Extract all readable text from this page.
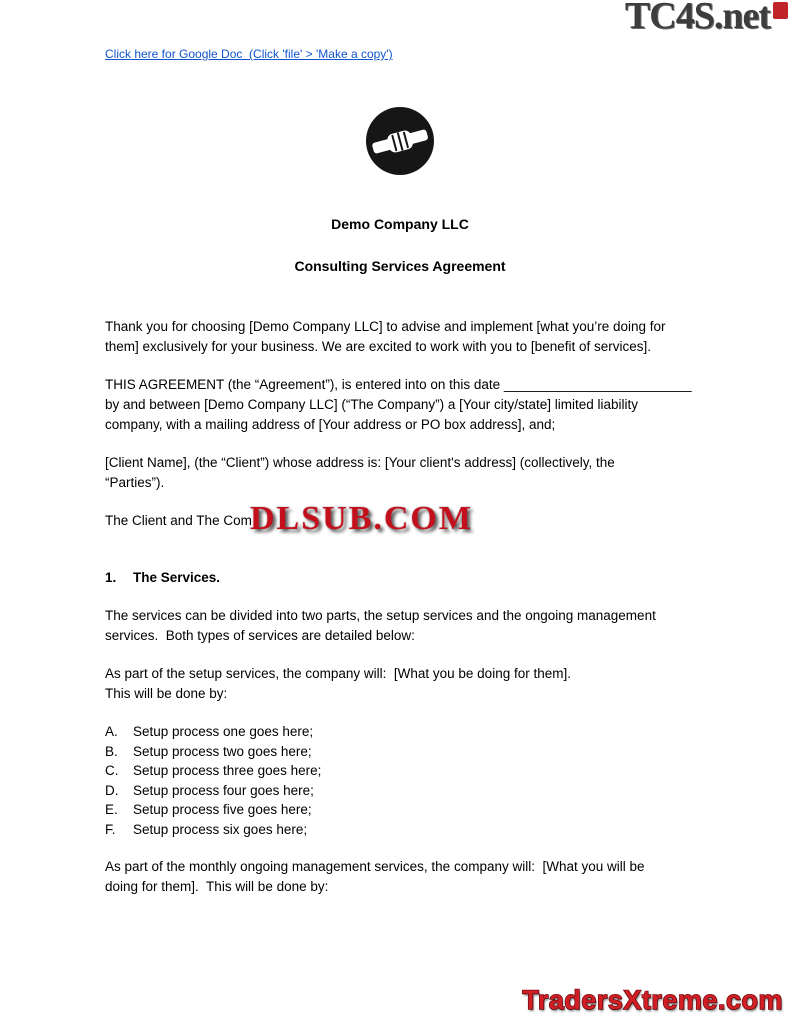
TC4S.net
Click here for Google Doc  (Click 'file' > 'Make a copy')
Demo Company LLC
Consulting Services Agreement

Thank you for choosing [Demo Company LLC] to advise and implement [what you’re doing for
them] exclusively for your business. We are excited to work with you to [benefit of services].

THIS AGREEMENT (the “Agreement”), is entered into on this date _________________________
by and between [Demo Company LLC] (“The Company”) a [Your city/state] limited liability
company, with a mailing address of [Your address or PO box address], and;

[Client Name], (the “Client”) whose address is: [Your client's address] (collectively, the
“Parties”).

The Client and The Com

DLSUB.COM
1.	The Services.

The services can be divided into two parts, the setup services and the ongoing management
services.  Both types of services are detailed below:

As part of the setup services, the company will:  [What you be doing for them].
This will be done by:

A.	Setup process one goes here;
B.	Setup process two goes here;
C.	Setup process three goes here;
D.	Setup process four goes here;
E.	Setup process five goes here;
F.	Setup process six goes here;

As part of the monthly ongoing management services, the company will:  [What you will be
doing for them].  This will be done by:

TradersXtreme.com
